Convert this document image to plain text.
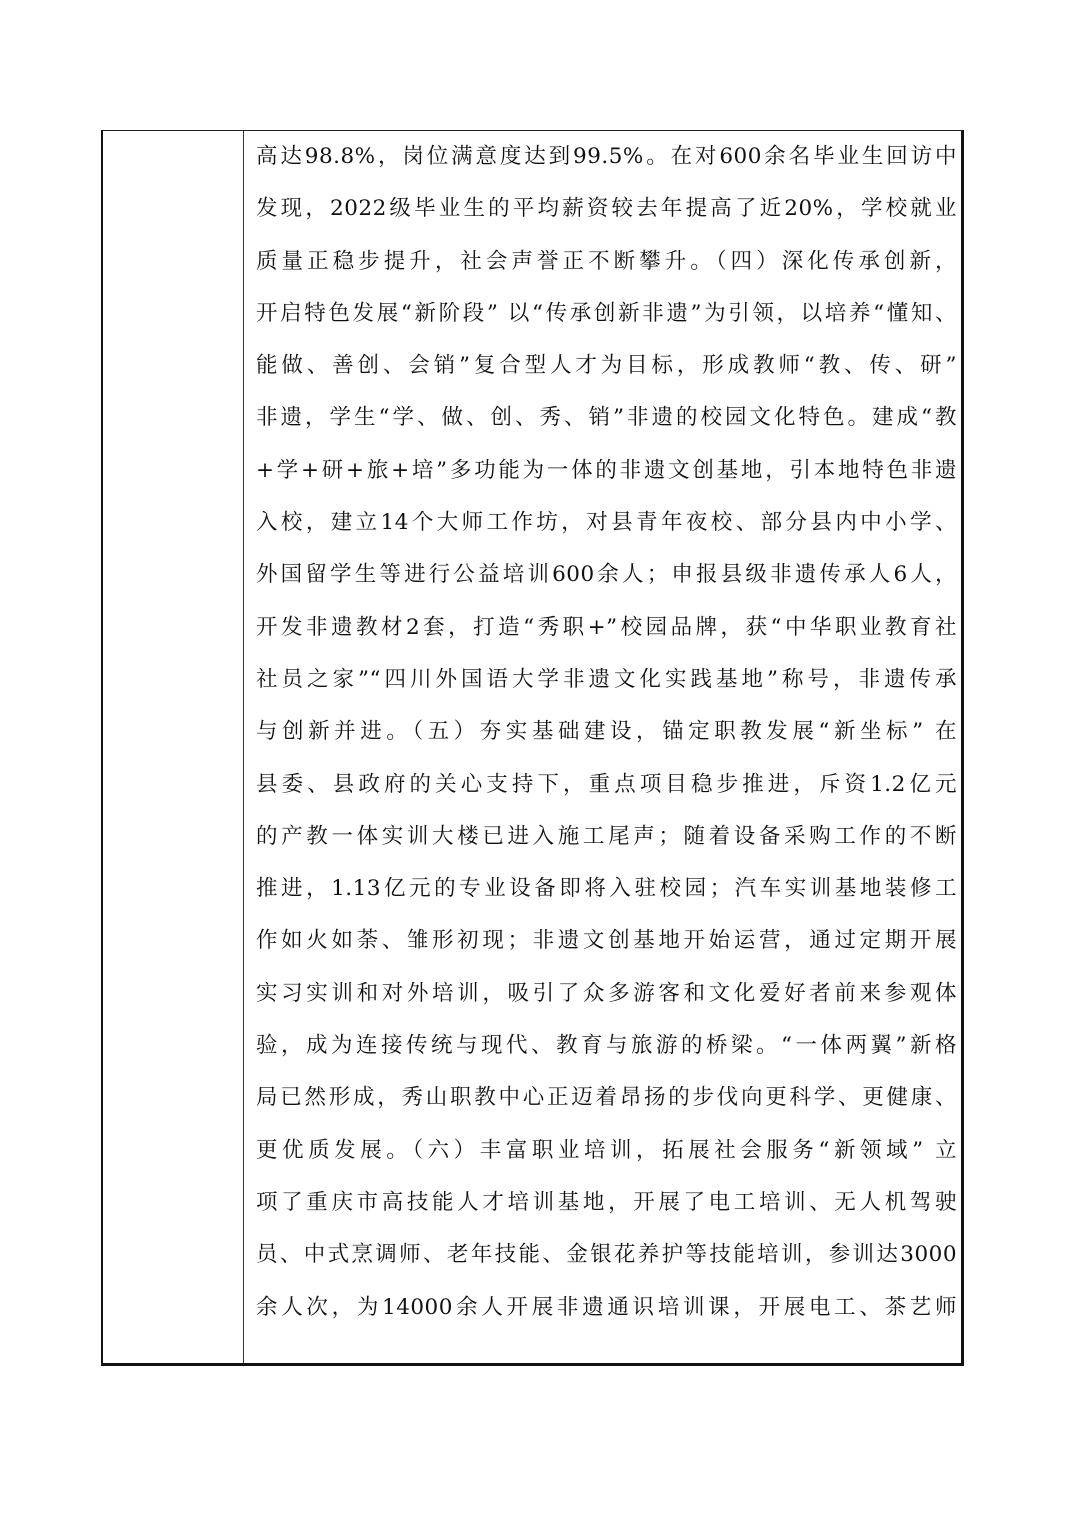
高达98.8%，岗位满意度达到99.5%。在对600余名毕业生回访中
发现，2022级毕业生的平均薪资较去年提高了近20%，学校就业
质量正稳步提升，社会声誉正不断攀升。（四）深化传承创新，
开启特色发展“新阶段” 以“传承创新非遗”为引领，以培养“懂知、
能做、善创、会销”复合型人才为目标，形成教师“教、传、研”
非遗，学生“学、做、创、秀、销”非遗的校园文化特色。建成“教
+学+研+旅+培”多功能为一体的非遗文创基地，引本地特色非遗
入校，建立14个大师工作坊，对县青年夜校、部分县内中小学、
外国留学生等进行公益培训600余人；申报县级非遗传承人6人，
开发非遗教材2套，打造“秀职+”校园品牌，获“中华职业教育社
社员之家”“四川外国语大学非遗文化实践基地”称号，非遗传承
与创新并进。（五）夯实基础建设，锚定职教发展“新坐标” 在
县委、县政府的关心支持下，重点项目稳步推进，斥资1.2亿元
的产教一体实训大楼已进入施工尾声；随着设备采购工作的不断
推进，1.13亿元的专业设备即将入驻校园；汽车实训基地装修工
作如火如荼、雏形初现；非遗文创基地开始运营，通过定期开展
实习实训和对外培训，吸引了众多游客和文化爱好者前来参观体
验，成为连接传统与现代、教育与旅游的桥梁。“一体两翼”新格
局已然形成，秀山职教中心正迈着昂扬的步伐向更科学、更健康、
更优质发展。（六）丰富职业培训，拓展社会服务“新领域” 立
项了重庆市高技能人才培训基地，开展了电工培训、无人机驾驶
员、中式烹调师、老年技能、金银花养护等技能培训，参训达3000
余人次，为14000余人开展非遗通识培训课，开展电工、茶艺师
